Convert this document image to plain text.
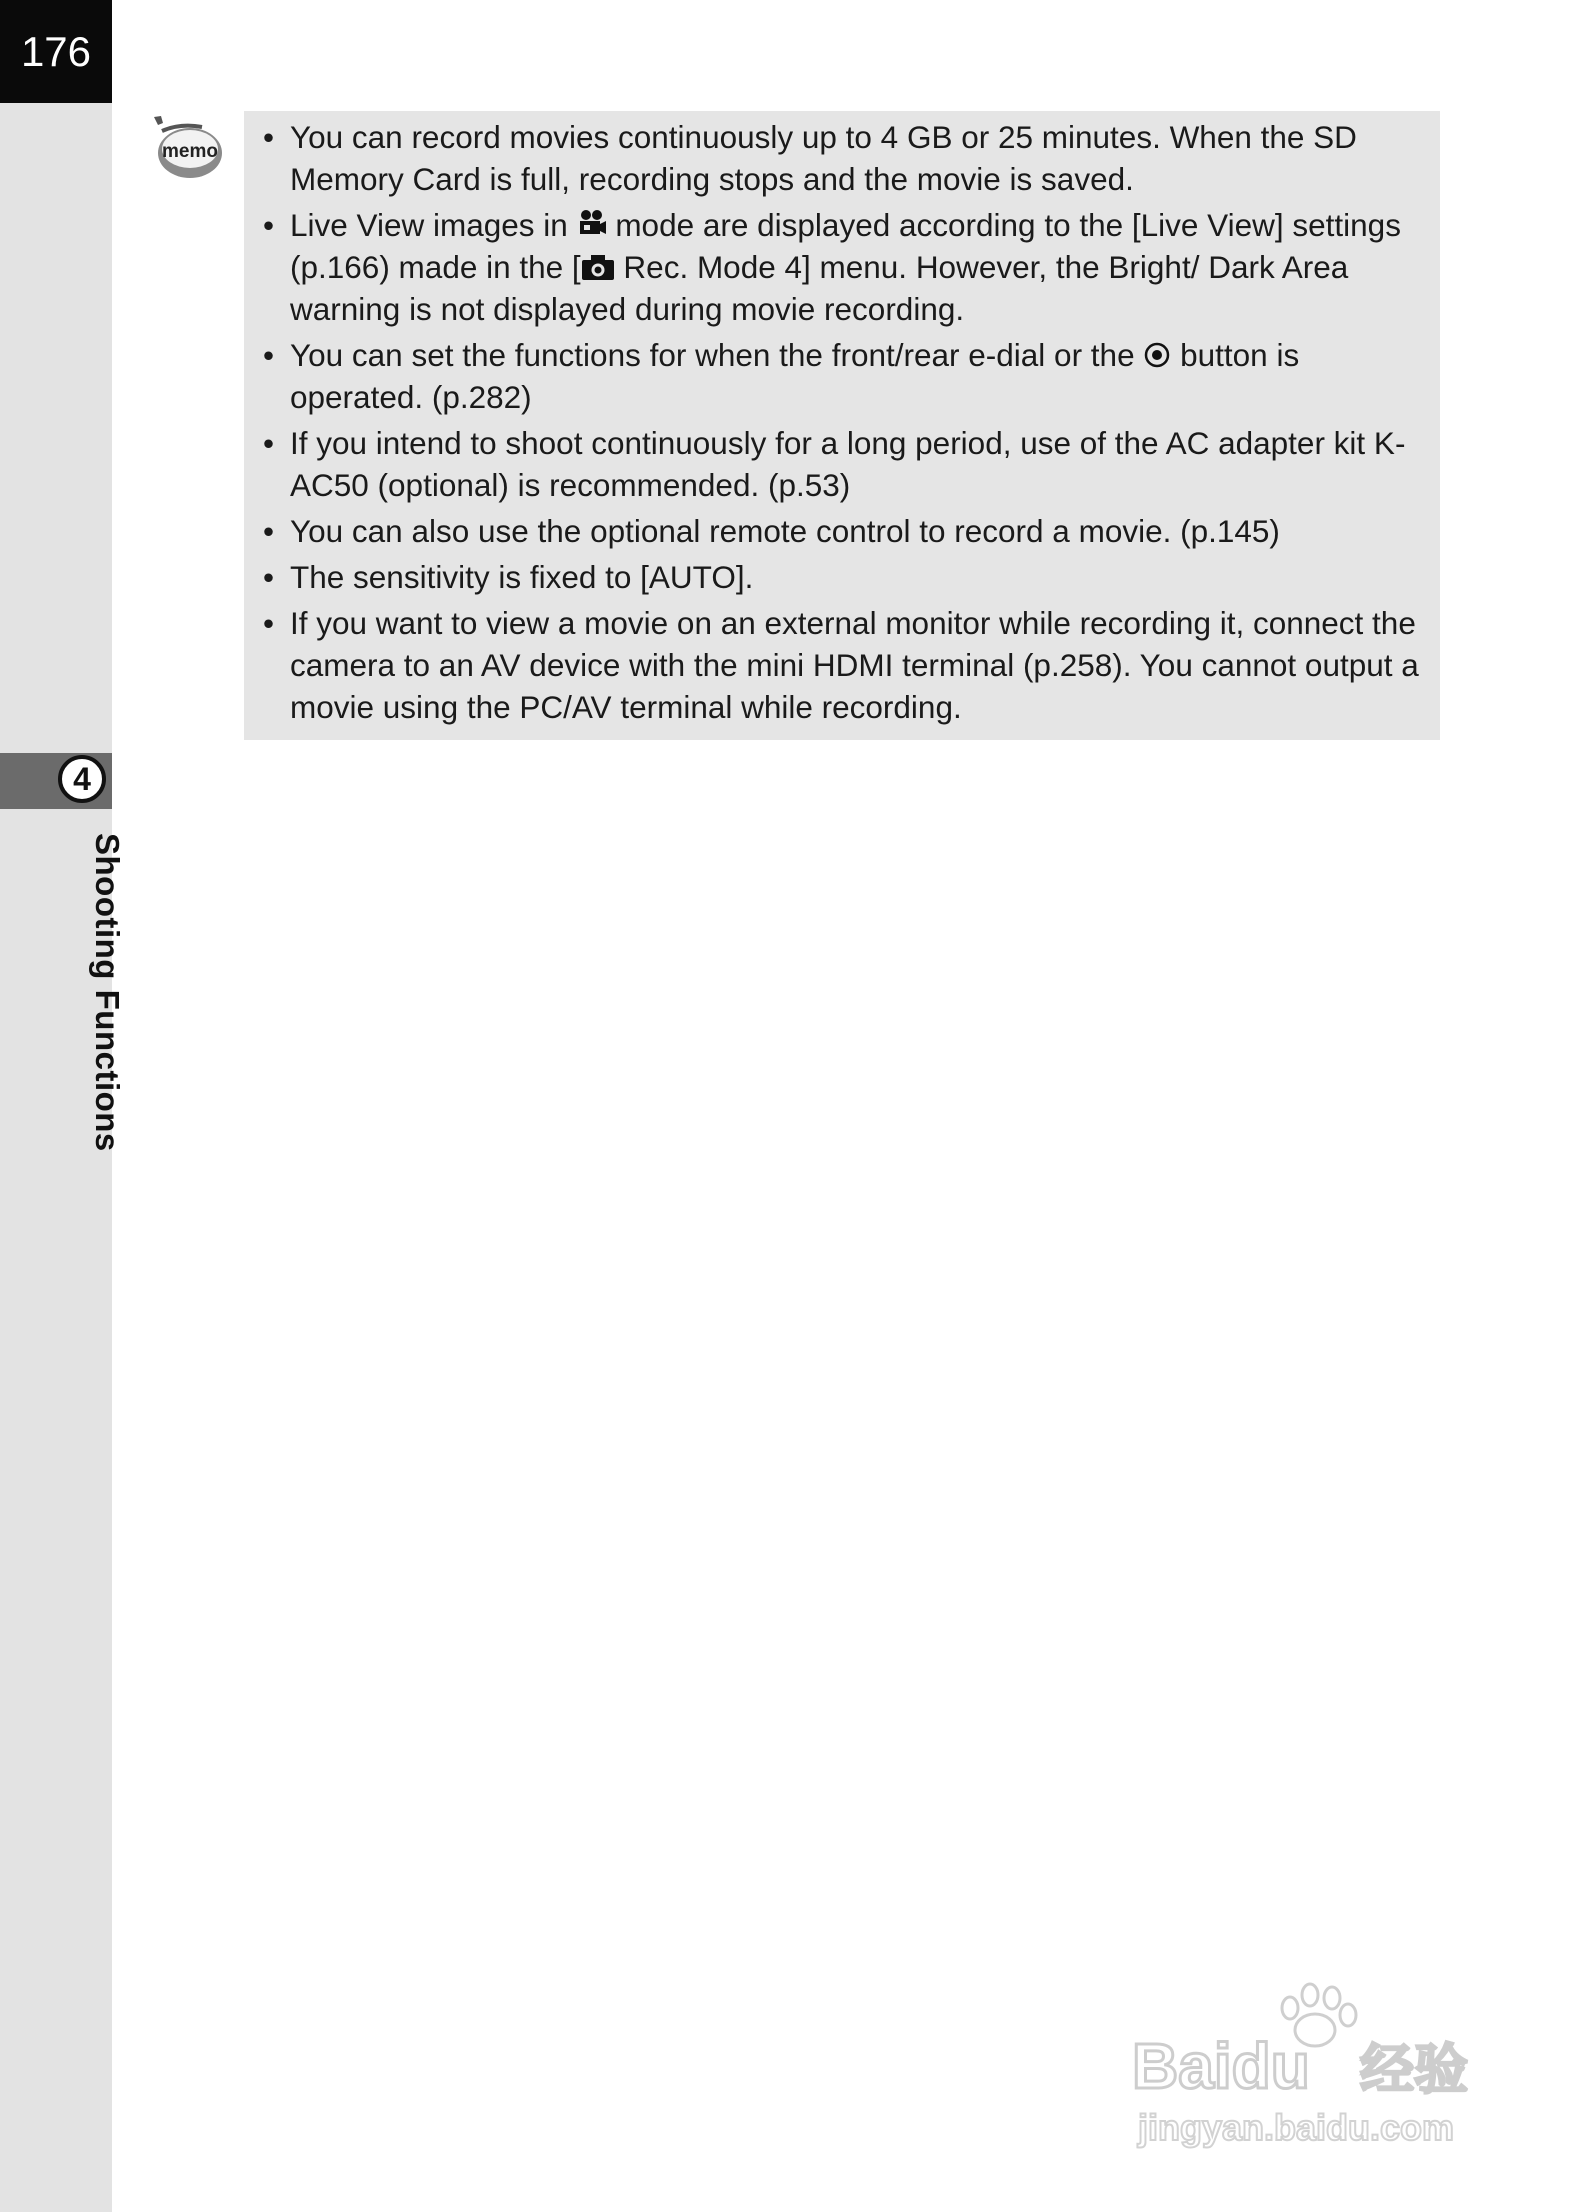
176
4
Shooting Functions
memo
•	You can record movies continuously up to 4 GB or 25 minutes. When the SD Memory Card is full, recording stops and the movie is saved.
• Live View images in  mode are displayed according to the [Live View] settings (p.166) made in the [ Rec. Mode 4] menu. However, the Bright/ Dark Area warning is not displayed during movie recording.
• You can set the functions for when the front/rear e-dial or the  button is operated. (p.282)
• If you intend to shoot continuously for a long period, use of the AC adapter kit K-AC50 (optional) is recommended. (p.53)
• You can also use the optional remote control to record a movie. (p.145)
• The sensitivity is fixed to [AUTO].
• If you want to view a movie on an external monitor while recording it, connect the camera to an AV device with the mini HDMI terminal (p.258). You cannot output a movie using the PC/AV terminal while recording.
Baidu 经验
jingyan.baidu.com
